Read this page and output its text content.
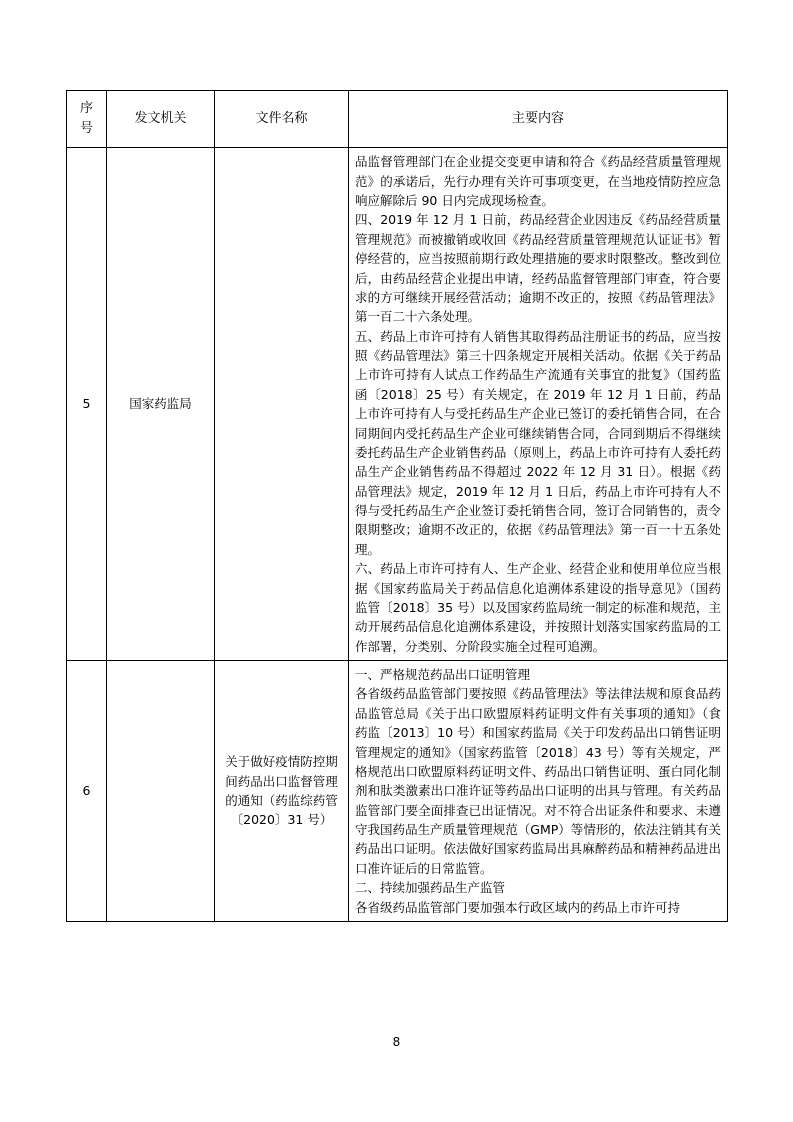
序
号	发文机关	文件名称	主要内容
5	国家药监局		品监督管理部门在企业提交变更申请和符合《药品经营质量管理规范》的承诺后，先行办理有关许可事项变更，在当地疫情防控应急响应解除后 90 日内完成现场检查。

四、2019 年 12 月 1 日前，药品经营企业因违反《药品经营质量管理规范》而被撤销或收回《药品经营质量管理规范认证证书》暂停经营的，应当按照前期行政处理措施的要求时限整改。整改到位后，由药品经营企业提出申请，经药品监督管理部门审查，符合要求的方可继续开展经营活动；逾期不改正的，按照《药品管理法》第一百二十六条处理。

五、药品上市许可持有人销售其取得药品注册证书的药品，应当按照《药品管理法》第三十四条规定开展相关活动。依据《关于药品上市许可持有人试点工作药品生产流通有关事宜的批复》（国药监函〔2018〕25 号）有关规定，在 2019 年 12 月 1 日前，药品上市许可持有人与受托药品生产企业已签订的委托销售合同，在合同期间内受托药品生产企业可继续销售合同，合同到期后不得继续委托药品生产企业销售药品（原则上，药品上市许可持有人委托药品生产企业销售药品不得超过 2022 年 12 月 31 日）。根据《药品管理法》规定，2019 年 12 月 1 日后，药品上市许可持有人不得与受托药品生产企业签订委托销售合同，签订合同销售的，责令限期整改；逾期不改正的，依据《药品管理法》第一百一十五条处理。

六、药品上市许可持有人、生产企业、经营企业和使用单位应当根据《国家药监局关于药品信息化追溯体系建设的指导意见》（国药监管〔2018〕35 号）以及国家药监局统一制定的标准和规范，主动开展药品信息化追溯体系建设，并按照计划落实国家药监局的工作部署，分类别、分阶段实施全过程可追溯。

6		关于做好疫情防控期间药品出口监督管理的通知（药监综药管〔2020〕31 号）	一、严格规范药品出口证明管理

各省级药品监管部门要按照《药品管理法》等法律法规和原食品药品监管总局《关于出口欧盟原料药证明文件有关事项的通知》（食药监〔2013〕10 号）和国家药监局《关于印发药品出口销售证明管理规定的通知》（国家药监管〔2018〕43 号）等有关规定，严格规范出口欧盟原料药证明文件、药品出口销售证明、蛋白同化制剂和肽类激素出口准许证等药品出口证明的出具与管理。有关药品监管部门要全面排查已出证情况。对不符合出证条件和要求、未遵守我国药品生产质量管理规范（GMP）等情形的，依法注销其有关药品出口证明。依法做好国家药监局出具麻醉药品和精神药品进出口准许证后的日常监管。

二、持续加强药品生产监管

各省级药品监管部门要加强本行政区域内的药品上市许可持

8
